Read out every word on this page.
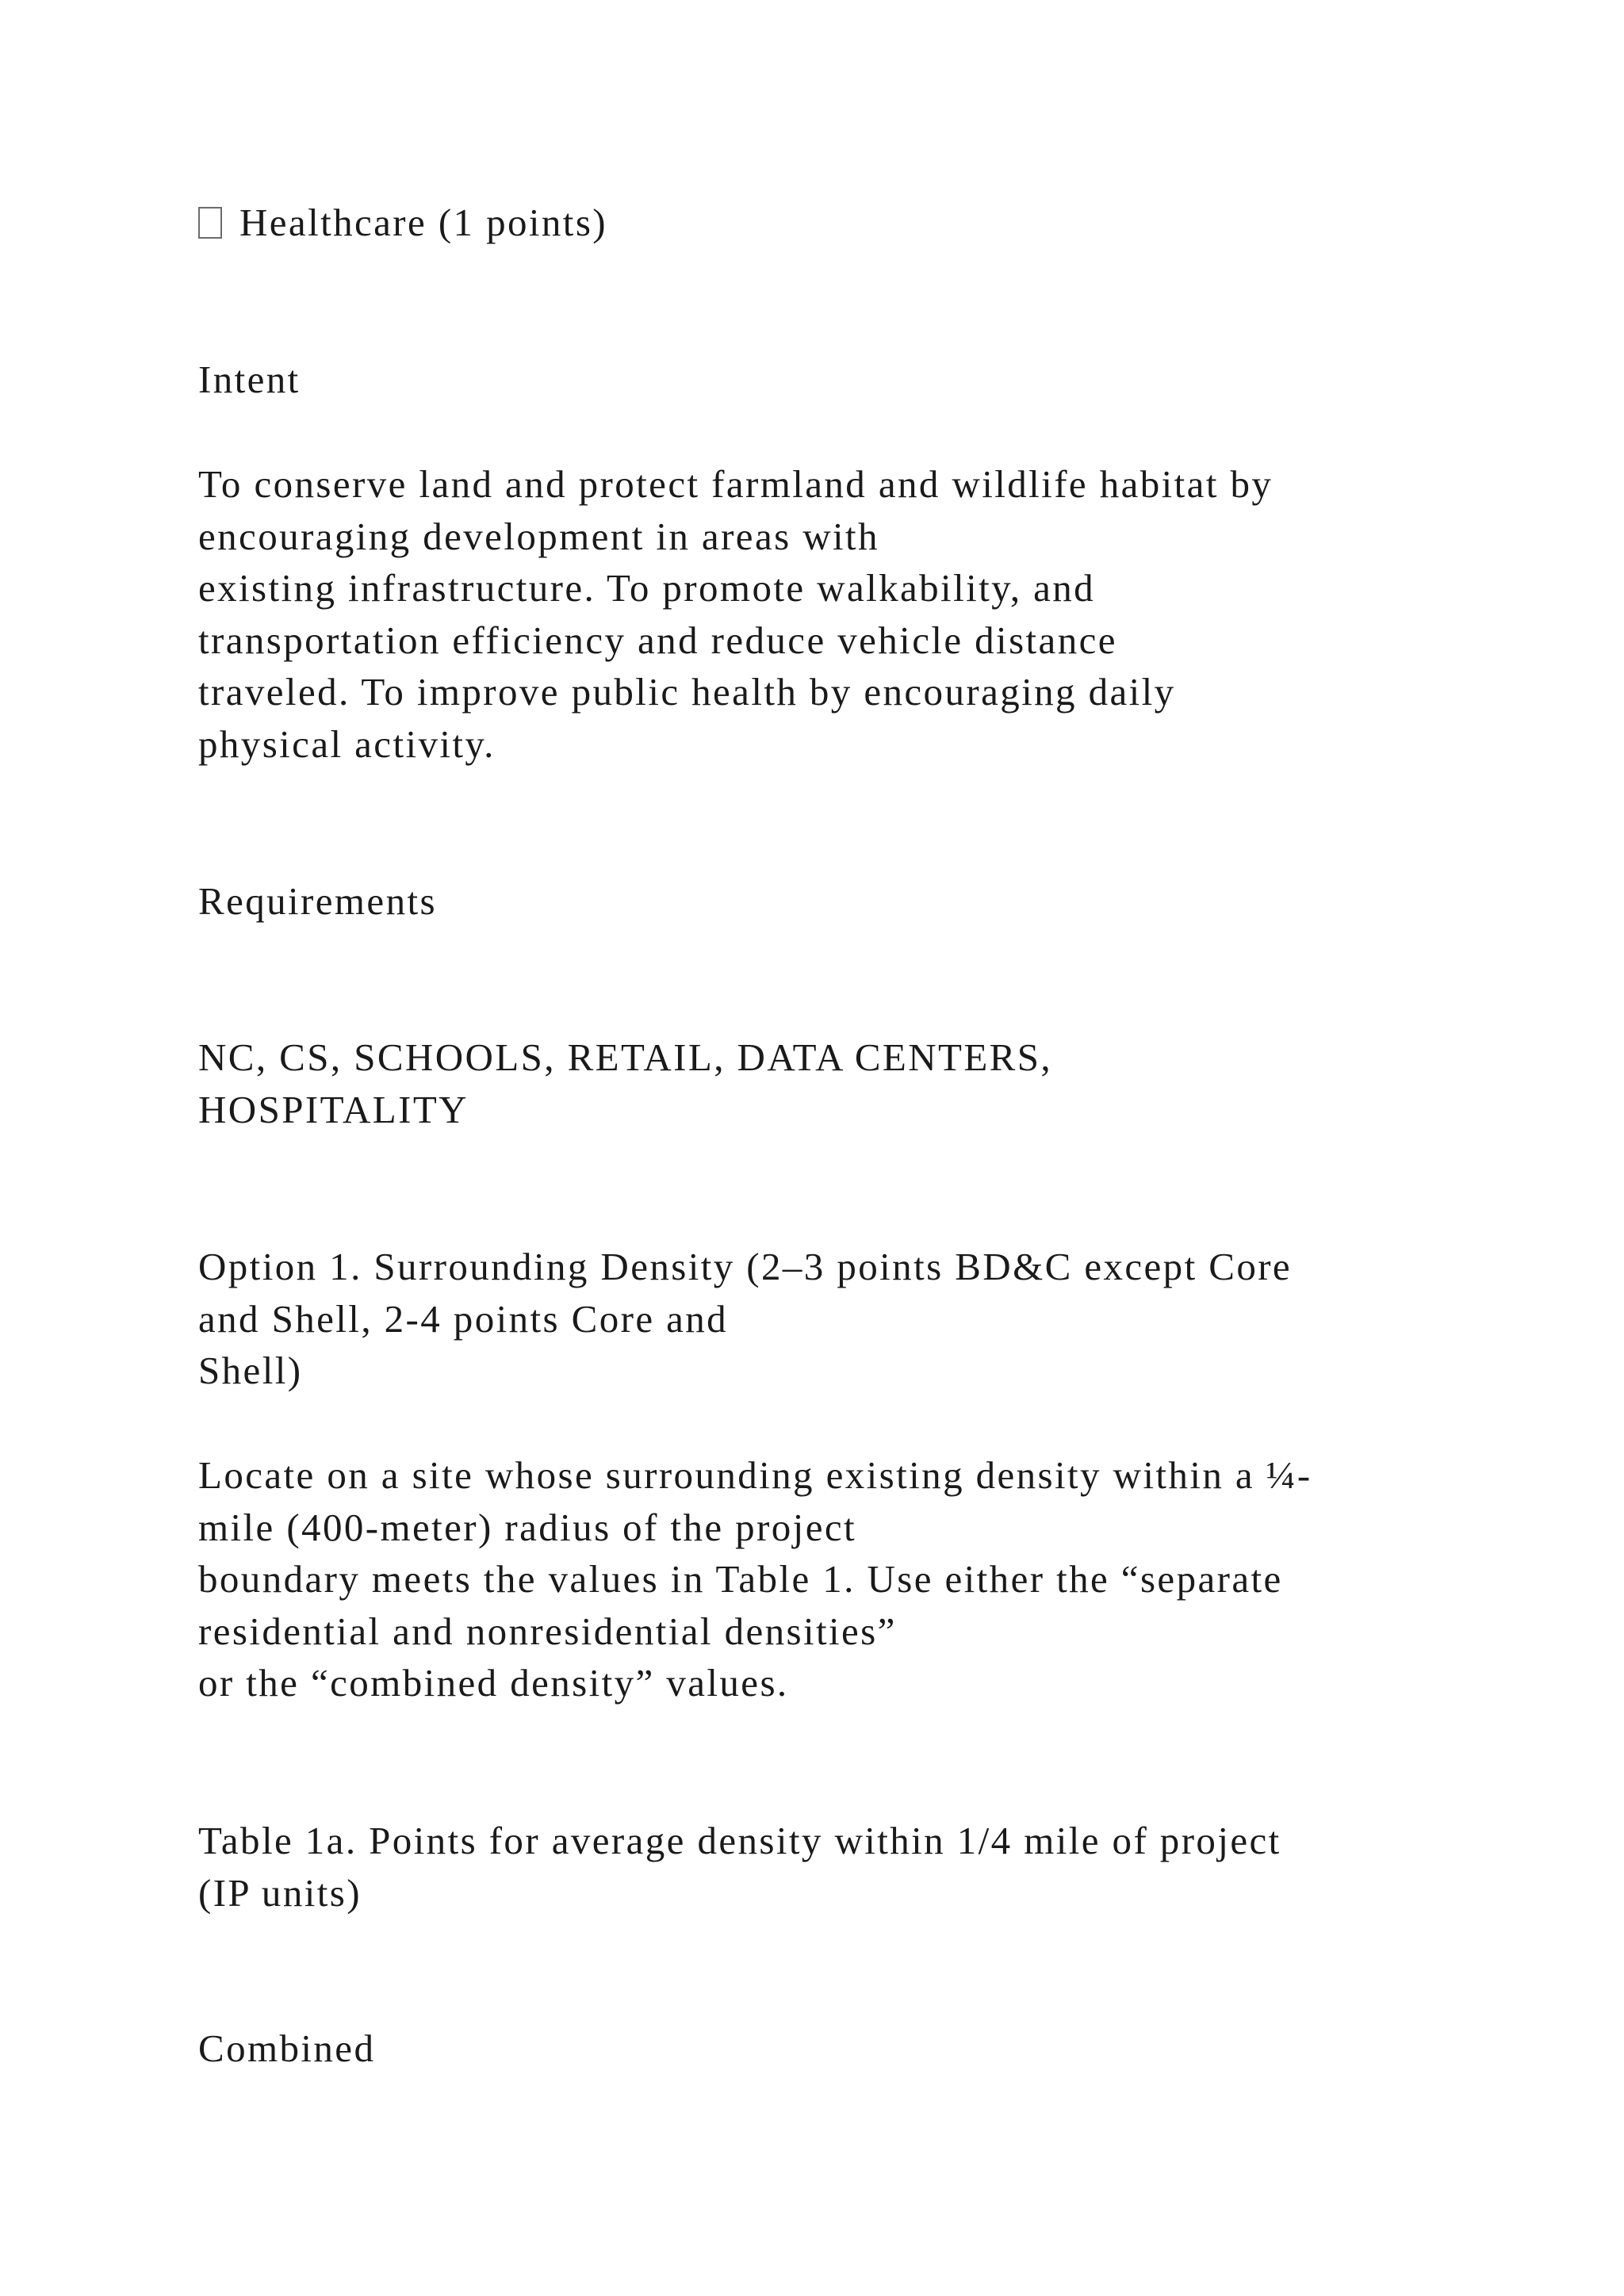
Healthcare (1 points)
Intent
To conserve land and protect farmland and wildlife habitat by
encouraging development in areas with
existing infrastructure. To promote walkability, and
transportation efficiency and reduce vehicle distance
traveled. To improve public health by encouraging daily
physical activity.
Requirements
NC, CS, SCHOOLS, RETAIL, DATA CENTERS,
HOSPITALITY
Option 1. Surrounding Density (2–3 points BD&C except Core
and Shell, 2-4 points Core and
Shell)
Locate on a site whose surrounding existing density within a ¼-
mile (400-meter) radius of the project
boundary meets the values in Table 1. Use either the “separate
residential and nonresidential densities”
or the “combined density” values.
Table 1a. Points for average density within 1/4 mile of project
(IP units)
Combined
